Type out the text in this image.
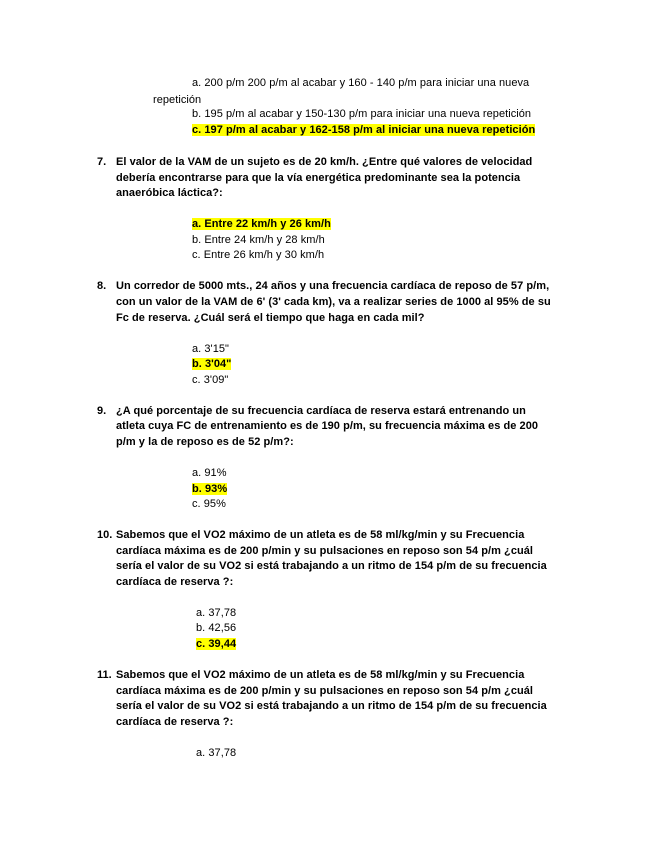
a. 200 p/m 200 p/m al acabar y 160 - 140 p/m para iniciar una nueva
repetición
b. 195 p/m al acabar y 150-130 p/m para iniciar una nueva repetición
c. 197 p/m al acabar y 162-158 p/m al iniciar una nueva repetición
7. El valor de la VAM de un sujeto es de 20 km/h. ¿Entre qué valores de velocidad
debería encontrarse para que la vía energética predominante sea la potencia
anaeróbica láctica?:
a. Entre 22 km/h y 26 km/h
b. Entre 24 km/h y 28 km/h
c. Entre 26 km/h y 30 km/h
8. Un corredor de 5000 mts., 24 años y una frecuencia cardíaca de reposo de 57 p/m,
con un valor de la VAM de 6' (3' cada km), va a realizar series de 1000 al 95% de su
Fc de reserva. ¿Cuál será el tiempo que haga en cada mil?
a. 3'15"
b. 3'04"
c. 3'09"
9. ¿A qué porcentaje de su frecuencia cardíaca de reserva estará entrenando un
atleta cuya FC de entrenamiento es de 190 p/m, su frecuencia máxima es de 200
p/m y la de reposo es de 52 p/m?:
a. 91%
b. 93%
c. 95%
10. Sabemos que el VO2 máximo de un atleta es de 58 ml/kg/min y su Frecuencia
cardíaca máxima es de 200 p/min y su pulsaciones en reposo son 54 p/m ¿cuál
sería el valor de su VO2 si está trabajando a un ritmo de 154 p/m de su frecuencia
cardíaca de reserva ?:
a. 37,78
b. 42,56
c. 39,44
11. Sabemos que el VO2 máximo de un atleta es de 58 ml/kg/min y su Frecuencia
cardíaca máxima es de 200 p/min y su pulsaciones en reposo son 54 p/m ¿cuál
sería el valor de su VO2 si está trabajando a un ritmo de 154 p/m de su frecuencia
cardíaca de reserva ?:
a. 37,78
